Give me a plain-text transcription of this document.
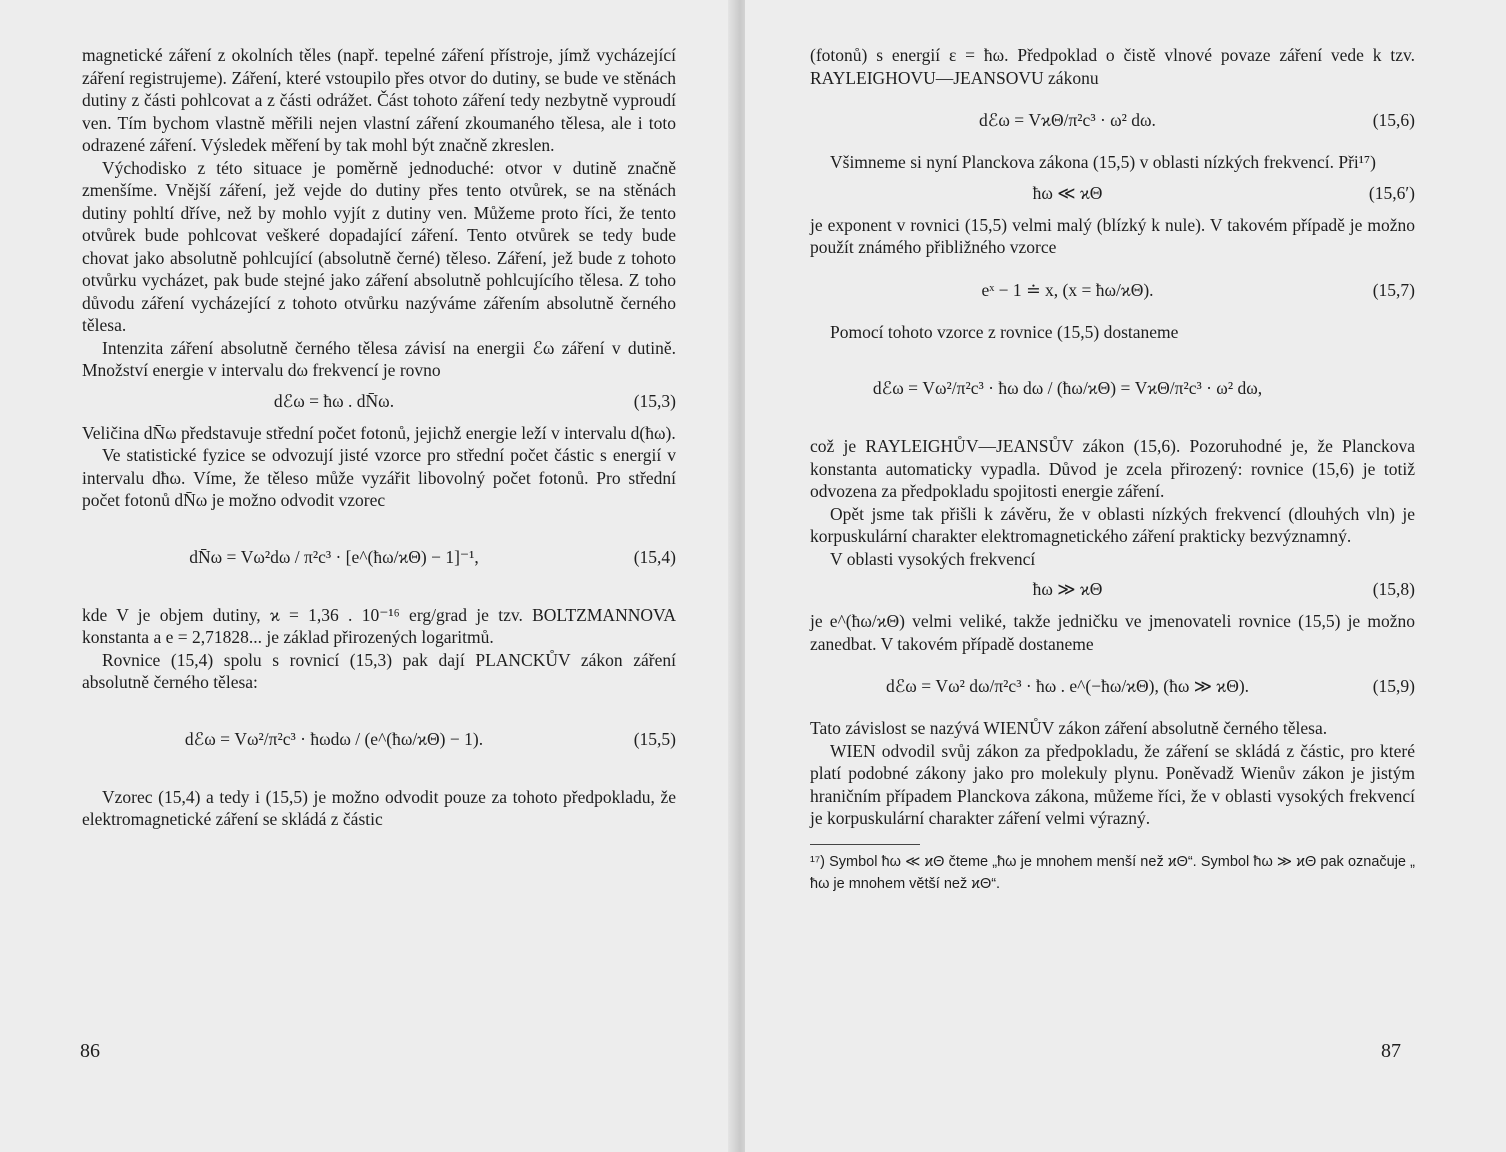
magnetické záření z okolních těles (např. tepelné záření přístroje, jímž vycházející záření registrujeme). Záření, které vstoupilo přes otvor do dutiny, se bude ve stěnách dutiny z části pohlcovat a z části odrážet. Část tohoto záření tedy nezbytně vyproudí ven. Tím bychom vlastně měřili nejen vlastní záření zkoumaného tělesa, ale i toto odrazené záření. Výsledek měření by tak mohl být značně zkreslen.

Východisko z této situace je poměrně jednoduché: otvor v dutině značně zmenšíme. Vnější záření, jež vejde do dutiny přes tento otvůrek, se na stěnách dutiny pohltí dříve, než by mohlo vyjít z dutiny ven. Můžeme proto říci, že tento otvůrek bude pohlcovat veškeré dopadající záření. Tento otvůrek se tedy bude chovat jako absolutně pohlcující (absolutně černé) těleso. Záření, jež bude z tohoto otvůrku vycházet, pak bude stejné jako záření absolutně pohlcujícího tělesa. Z toho důvodu záření vycházející z tohoto otvůrku nazýváme zářením absolutně černého tělesa.

Intenzita záření absolutně černého tělesa závisí na energii ℰω záření v dutině. Množství energie v intervalu dω frekvencí je rovno

dℰω = ħω . dN̄ω.	(15,3)

Veličina dN̄ω představuje střední počet fotonů, jejichž energie leží v intervalu d(ħω).

Ve statistické fyzice se odvozují jisté vzorce pro střední počet částic s energií v intervalu dħω. Víme, že těleso může vyzářit libovolný počet fotonů. Pro střední počet fotonů dN̄ω je možno odvodit vzorec

dN̄ω = Vω²dω / π²c³ · [e^(ħω/ϰΘ) − 1]⁻¹,	(15,4)

kde V je objem dutiny, ϰ = 1,36 . 10⁻¹⁶ erg/grad je tzv. BOLTZMANNOVA konstanta a e = 2,71828... je základ přirozených logaritmů.

Rovnice (15,4) spolu s rovnicí (15,3) pak dají PLANCKŮV zákon záření absolutně černého tělesa:

dℰω = Vω²/π²c³ · ħωdω / (e^(ħω/ϰΘ) − 1).	(15,5)

Vzorec (15,4) a tedy i (15,5) je možno odvodit pouze za tohoto předpokladu, že elektromagnetické záření se skládá z částic

86

(fotonů) s energií ε = ħω. Předpoklad o čistě vlnové povaze záření vede k tzv. RAYLEIGHOVU—JEANSOVU zákonu

dℰω = VϰΘ/π²c³ · ω² dω.	(15,6)

Všimneme si nyní Planckova zákona (15,5) v oblasti nízkých frekvencí. Při¹⁷)

ħω ≪ ϰΘ	(15,6′)

je exponent v rovnici (15,5) velmi malý (blízký k nule). V takovém případě je možno použít známého přibližného vzorce

eˣ − 1 ≐ x, (x = ħω/ϰΘ).	(15,7)

Pomocí tohoto vzorce z rovnice (15,5) dostaneme

dℰω = Vω²/π²c³ · ħω dω / (ħω/ϰΘ) = VϰΘ/π²c³ · ω² dω,

což je RAYLEIGHŮV—JEANSŮV zákon (15,6). Pozoruhodné je, že Planckova konstanta automaticky vypadla. Důvod je zcela přirozený: rovnice (15,6) je totiž odvozena za předpokladu spojitosti energie záření.

Opět jsme tak přišli k závěru, že v oblasti nízkých frekvencí (dlouhých vln) je korpuskulární charakter elektromagnetického záření prakticky bezvýznamný.

V oblasti vysokých frekvencí

ħω ≫ ϰΘ	(15,8)

je e^(ħω/ϰΘ) velmi veliké, takže jedničku ve jmenovateli rovnice (15,5) je možno zanedbat. V takovém případě dostaneme

dℰω = Vω² dω/π²c³ · ħω . e^(−ħω/ϰΘ), (ħω ≫ ϰΘ).	(15,9)

Tato závislost se nazývá WIENŮV zákon záření absolutně černého tělesa.

WIEN odvodil svůj zákon za předpokladu, že záření se skládá z částic, pro které platí podobné zákony jako pro molekuly plynu. Poněvadž Wienův zákon je jistým hraničním případem Planckova zákona, můžeme říci, že v oblasti vysokých frekvencí je korpuskulární charakter záření velmi výrazný.

¹⁷) Symbol ħω ≪ ϰΘ čteme „ħω je mnohem menší než ϰΘ“. Symbol ħω ≫ ϰΘ pak označuje „ ħω je mnohem větší než ϰΘ“.

87
